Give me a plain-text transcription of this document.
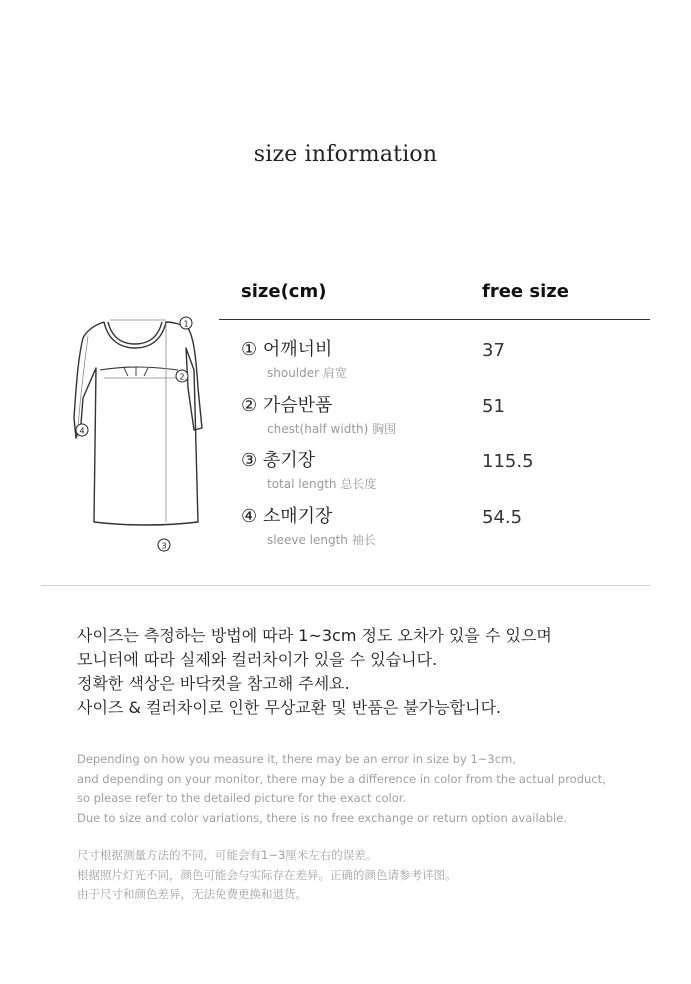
size information
1
2
3
4
size(cm)	free size
① 어깨너비
shoulder 肩宽
37
② 가슴반품
chest(half width) 胸围
51
③ 총기장
total length 总长度
115.5
④ 소매기장
sleeve length 袖长
54.5
사이즈는 측정하는 방법에 따라 1~3cm 정도 오차가 있을 수 있으며
모니터에 따라 실제와 컬러차이가 있을 수 있습니다.
정확한 색상은 바닥컷을 참고해 주세요.
사이즈 & 컬러차이로 인한 무상교환 및 반품은 불가능합니다.
Depending on how you measure it, there may be an error in size by 1~3cm,
and depending on your monitor, there may be a difference in color from the actual product,
so please refer to the detailed picture for the exact color.
Due to size and color variations, there is no free exchange or return option available.
尺寸根据测量方法的不同，可能会有1~3厘米左右的误差。
根据照片灯光不同，颜色可能会与实际存在差异。正确的颜色请参考详图。
由于尺寸和颜色差异，无法免费更换和退货。
